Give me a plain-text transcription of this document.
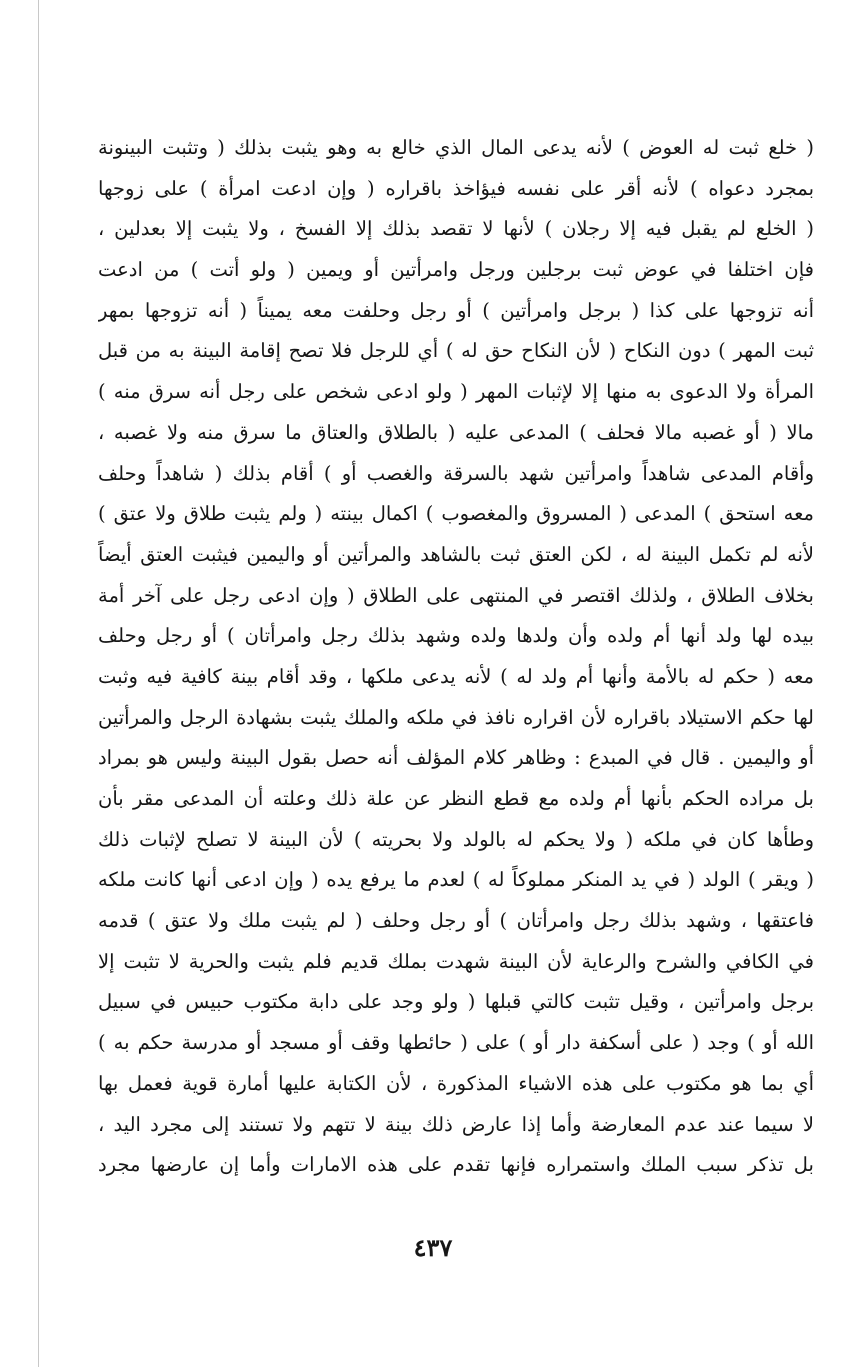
( خلع ثبت له العوض ) لأنه يدعى المال الذي خالع به وهو يثبت بذلك ( وتثبت البينونة
بمجرد دعواه ) لأنه أقر على نفسه فيؤاخذ باقراره ( وإن ادعت امرأة ) على زوجها
( الخلع لم يقبل فيه إلا رجلان ) لأنها لا تقصد بذلك إلا الفسخ ، ولا يثبت إلا بعدلين ،
فإن اختلفا في عوض ثبت برجلين ورجل وامرأتين أو ويمين ( ولو أتت ) من ادعت
أنه تزوجها على كذا ( برجل وامرأتين ) أو رجل وحلفت معه يميناً ( أنه تزوجها بمهر
ثبت المهر ) دون النكاح ( لأن النكاح حق له ) أي للرجل فلا تصح إقامة البينة به من قبل
المرأة ولا الدعوى به منها إلا لإثبات المهر ( ولو ادعى شخص على رجل أنه سرق منه )
مالا ( أو غصبه مالا فحلف ) المدعى عليه ( بالطلاق والعتاق ما سرق منه ولا غصبه ،
وأقام المدعى شاهداً وامرأتين شهد بالسرقة والغصب أو ) أقام بذلك ( شاهداً وحلف
معه استحق ) المدعى ( المسروق والمغصوب ) اكمال بينته ( ولم يثبت طلاق ولا عتق )
لأنه لم تكمل البينة له ، لكن العتق ثبت بالشاهد والمرأتين أو واليمين فيثبت العتق أيضاً
بخلاف الطلاق ، ولذلك اقتصر في المنتهى على الطلاق ( وإن ادعى رجل على آخر أمة
بيده لها ولد أنها أم ولده وأن ولدها ولده وشهد بذلك رجل وامرأتان ) أو رجل وحلف
معه ( حكم له بالأمة وأنها أم ولد له ) لأنه يدعى ملكها ، وقد أقام بينة كافية فيه وثبت
لها حكم الاستيلاد باقراره لأن اقراره نافذ في ملكه والملك يثبت بشهادة الرجل والمرأتين
أو واليمين . قال في المبدع : وظاهر كلام المؤلف أنه حصل بقول البينة وليس هو بمراد
بل مراده الحكم بأنها أم ولده مع قطع النظر عن علة ذلك وعلته أن المدعى مقر بأن
وطأها كان في ملكه ( ولا يحكم له بالولد ولا بحريته ) لأن البينة لا تصلح لإثبات ذلك
( ويقر ) الولد ( في يد المنكر مملوكاً له ) لعدم ما يرفع يده ( وإن ادعى أنها كانت ملكه
فاعتقها ، وشهد بذلك رجل وامرأتان ) أو رجل وحلف ( لم يثبت ملك ولا عتق ) قدمه
في الكافي والشرح والرعاية لأن البينة شهدت بملك قديم فلم يثبت والحرية لا تثبت إلا
برجل وامرأتين ، وقيل تثبت كالتي قبلها ( ولو وجد على دابة مكتوب حبيس في سبيل
الله أو ) وجد ( على أسكفة دار أو ) على ( حائطها وقف أو مسجد أو مدرسة حكم به )
أي بما هو مكتوب على هذه الاشياء المذكورة ، لأن الكتابة عليها أمارة قوية فعمل بها
لا سيما عند عدم المعارضة وأما إذا عارض ذلك بينة لا تتهم ولا تستند إلى مجرد اليد ،
بل تذكر سبب الملك واستمراره فإنها تقدم على هذه الامارات وأما إن عارضها مجرد
٤٣٧
